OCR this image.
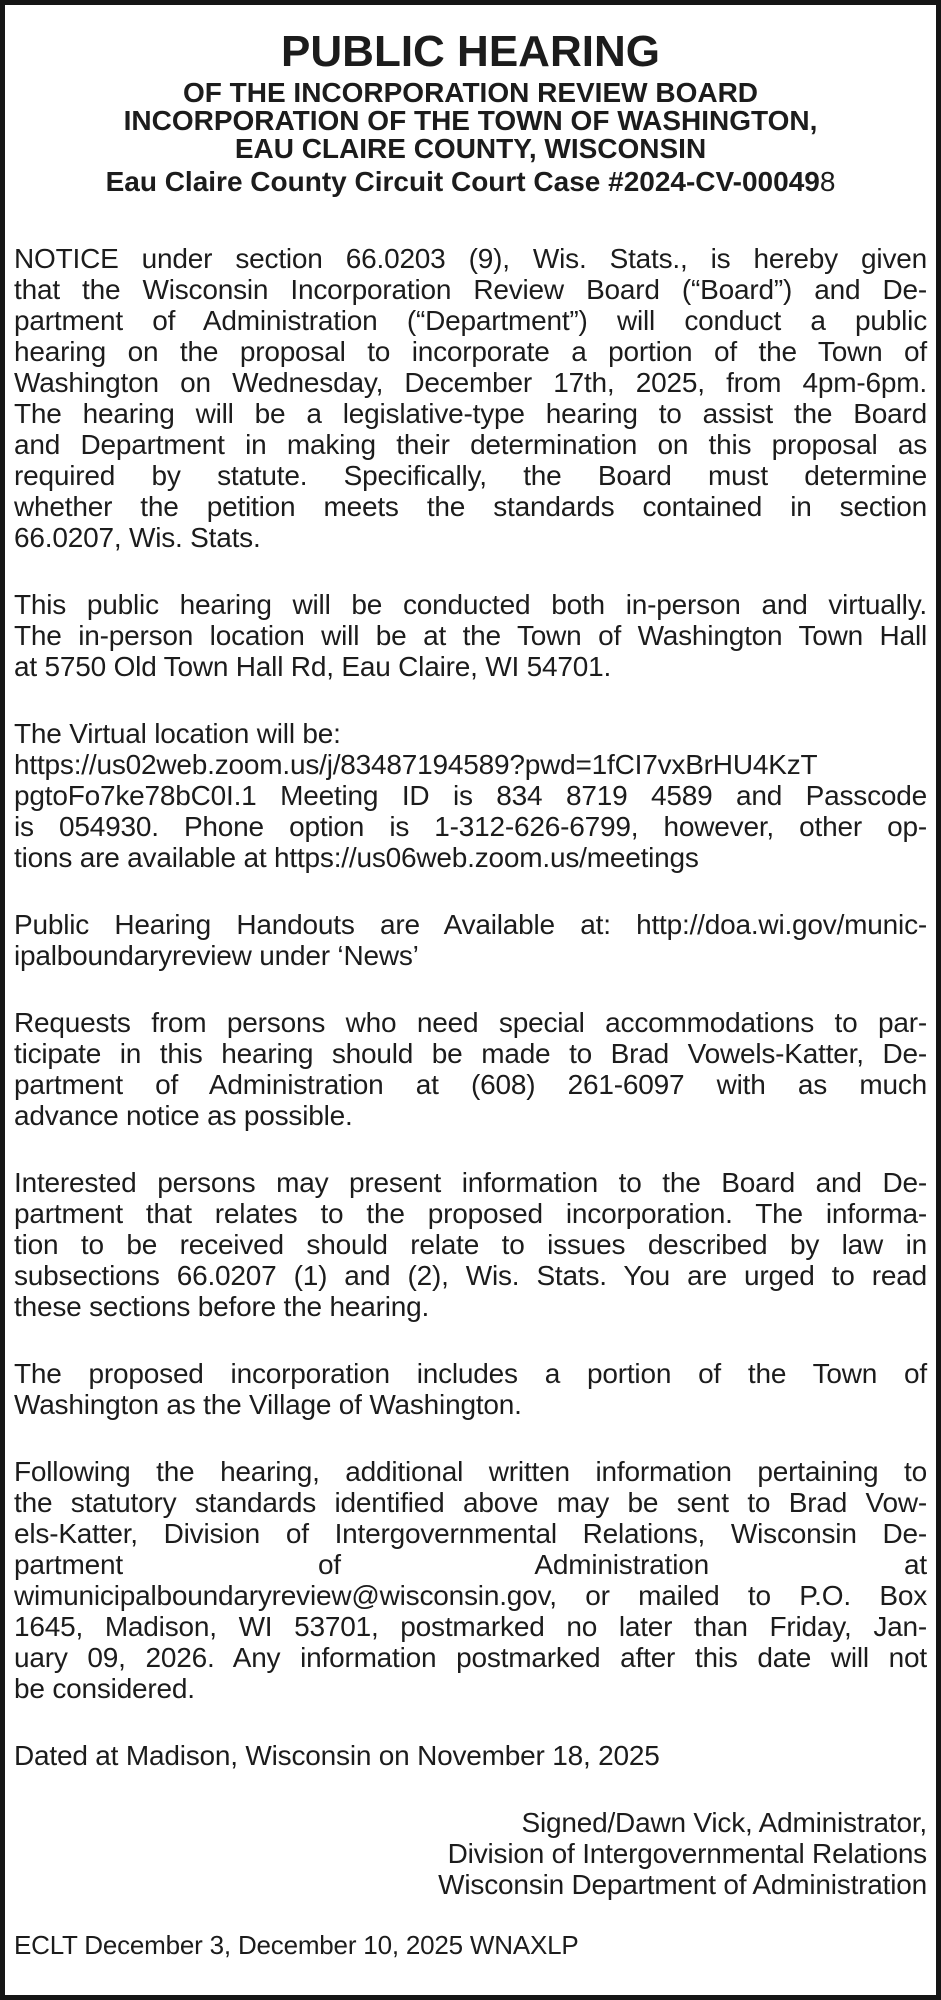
PUBLIC HEARING
OF THE INCORPORATION REVIEW BOARD
INCORPORATION OF THE TOWN OF WASHINGTON,
EAU CLAIRE COUNTY, WISCONSIN
Eau Claire County Circuit Court Case #2024-CV-000498
NOTICE under section 66.0203 (9), Wis. Stats., is hereby given
that the Wisconsin Incorporation Review Board (“Board”) and De-
partment of Administration (“Department”) will conduct a public
hearing on the proposal to incorporate a portion of the Town of
Washington on Wednesday, December 17th, 2025, from 4pm-6pm.
The hearing will be a legislative-type hearing to assist the Board
and Department in making their determination on this proposal as
required by statute. Specifically, the Board must determine
whether the petition meets the standards contained in section
66.0207, Wis. Stats.
This public hearing will be conducted both in-person and virtually.
The in-person location will be at the Town of Washington Town Hall
at 5750 Old Town Hall Rd, Eau Claire, WI 54701.
The Virtual location will be:
https://us02web.zoom.us/j/83487194589?pwd=1fCI7vxBrHU4KzT
pgtoFo7ke78bC0I.1 Meeting ID is 834 8719 4589 and Passcode
is 054930. Phone option is 1-312-626-6799, however, other op-
tions are available at https://us06web.zoom.us/meetings
Public Hearing Handouts are Available at: http://doa.wi.gov/munic-
ipalboundaryreview under ‘News’
Requests from persons who need special accommodations to par-
ticipate in this hearing should be made to Brad Vowels-Katter, De-
partment of Administration at (608) 261-6097 with as much
advance notice as possible.
Interested persons may present information to the Board and De-
partment that relates to the proposed incorporation. The informa-
tion to be received should relate to issues described by law in
subsections 66.0207 (1) and (2), Wis. Stats. You are urged to read
these sections before the hearing.
The proposed incorporation includes a portion of the Town of
Washington as the Village of Washington.
Following the hearing, additional written information pertaining to
the statutory standards identified above may be sent to Brad Vow-
els-Katter, Division of Intergovernmental Relations, Wisconsin De-
partment of Administration at
wimunicipalboundaryreview@wisconsin.gov, or mailed to P.O. Box
1645, Madison, WI 53701, postmarked no later than Friday, Jan-
uary 09, 2026. Any information postmarked after this date will not
be considered.
Dated at Madison, Wisconsin on November 18, 2025
Signed/Dawn Vick, Administrator,
Division of Intergovernmental Relations
Wisconsin Department of Administration
ECLT December 3, December 10, 2025 WNAXLP
